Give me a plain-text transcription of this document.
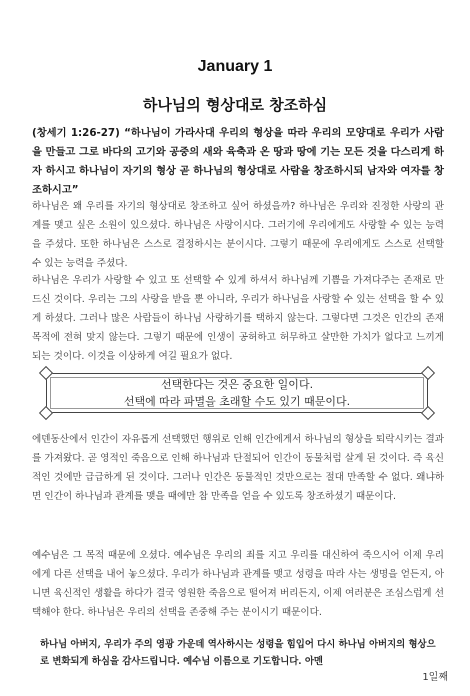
January 1
하나님의 형상대로 창조하심
(창세기 1:26-27) “하나님이 가라사대 우리의 형상을 따라 우리의 모양대로 우리가 사람을 만들고 그로 바다의 고기와 공중의 새와 육축과 온 땅과 땅에 기는 모든 것을 다스리게 하자 하시고 하나님이 자기의 형상 곧 하나님의 형상대로 사람을 창조하시되 남자와 여자를 창조하시고”
하나님은 왜 우리를 자기의 형상대로 창조하고 싶어 하셨을까? 하나님은 우리와 진정한 사랑의 관계를 맺고 싶은 소원이 있으셨다. 하나님은 사랑이시다. 그러기에 우리에게도 사랑할 수 있는 능력을 주셨다. 또한 하나님은 스스로 결정하시는 분이시다. 그렇기 때문에 우리에게도 스스로 선택할 수 있는 능력을 주셨다.
하나님은 우리가 사랑할 수 있고 또 선택할 수 있게 하셔서 하나님께 기쁨을 가져다주는 존재로 만드신 것이다. 우리는 그의 사랑을 받을 뿐 아니라, 우리가 하나님을 사랑할 수 있는 선택을 할 수 있게 하셨다. 그러나 많은 사람들이 하나님 사랑하기를 택하지 않는다. 그렇다면 그것은 인간의 존재 목적에 전혀 맞지 않는다. 그렇기 때문에 인생이 공허하고 허무하고 살만한 가치가 없다고 느끼게 되는 것이다. 이것을 이상하게 여길 필요가 없다.
선택한다는 것은 중요한 일이다.
선택에 따라 파멸을 초래할 수도 있기 때문이다.
에덴동산에서 인간이 자유롭게 선택했던 행위로 인해 인간에게서 하나님의 형상을 퇴락시키는 결과를 가져왔다. 곧 영적인 죽음으로 인해 하나님과 단절되어 인간이 동물처럼 살게 된 것이다. 즉 육신적인 것에만 급급하게 된 것이다. 그러나 인간은 동물적인 것만으로는 절대 만족할 수 없다. 왜냐하면 인간이 하나님과 관계를 맺을 때에만 참 만족을 얻을 수 있도록 창조하셨기 때문이다.
예수님은 그 목적 때문에 오셨다. 예수님은 우리의 죄를 지고 우리를 대신하여 죽으시어 이제 우리에게 다른 선택을 내어 놓으셨다. 우리가 하나님과 관계를 맺고 성령을 따라 사는 생명을 얻든지, 아니면 육신적인 생활을 하다가 결국 영원한 죽음으로 떨어져 버리든지, 이제 여러분은 조심스럽게 선택해야 한다. 하나님은 우리의 선택을 존중해 주는 분이시기 때문이다.
하나님 아버지, 우리가 주의 영광 가운데 역사하시는 성령을 힘입어 다시 하나님 아버지의 형상으로 변화되게 하심을 감사드립니다. 예수님 이름으로 기도합니다. 아멘
1일째
